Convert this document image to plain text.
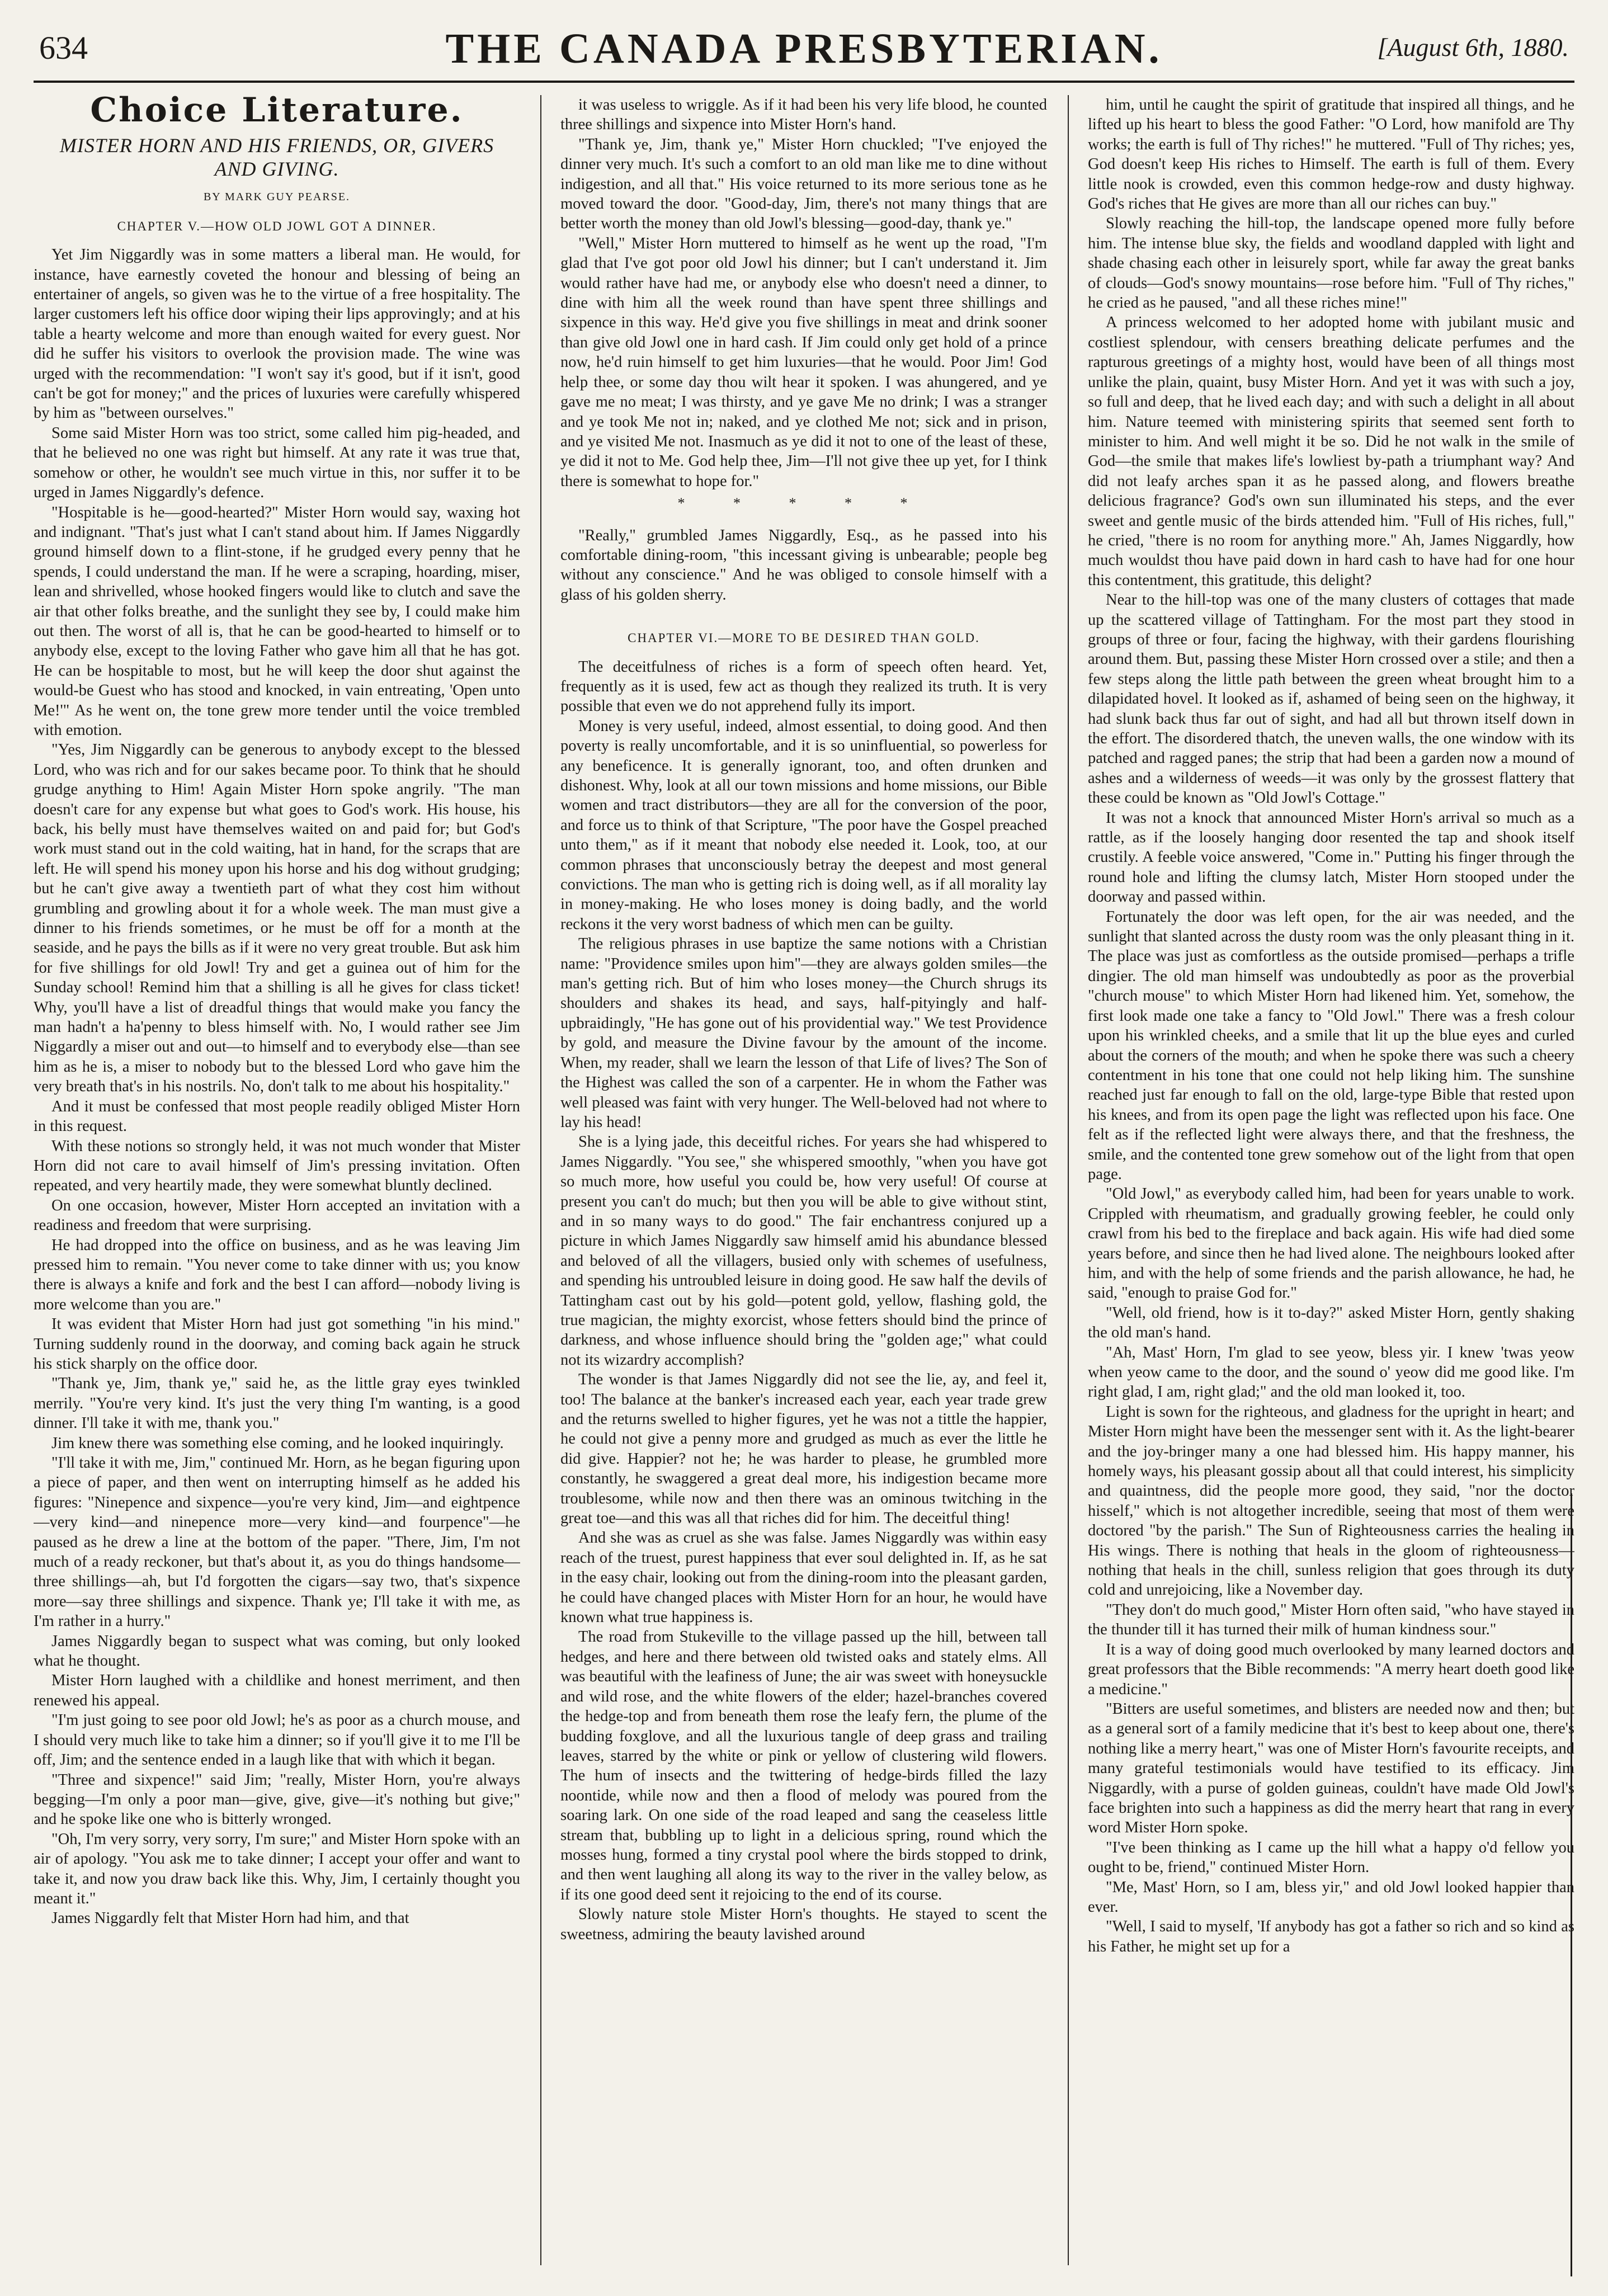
634	THE CANADA PRESBYTERIAN.	[August 6th, 1880.
Choice Literature.
MISTER HORN AND HIS FRIENDS, OR, GIVERS AND GIVING.
BY MARK GUY PEARSE.
CHAPTER V.—HOW OLD JOWL GOT A DINNER.

Yet Jim Niggardly was in some matters a liberal man. He would, for instance, have earnestly coveted the honour and blessing of being an entertainer of angels, so given was he to the virtue of a free hospitality. The larger customers left his office door wiping their lips approvingly; and at his table a hearty welcome and more than enough waited for every guest. Nor did he suffer his visitors to overlook the provision made. The wine was urged with the recommendation: "I won't say it's good, but if it isn't, good can't be got for money;" and the prices of luxuries were carefully whispered by him as "between ourselves."

Some said Mister Horn was too strict, some called him pig-headed, and that he believed no one was right but himself. At any rate it was true that, somehow or other, he wouldn't see much virtue in this, nor suffer it to be urged in James Niggardly's defence.

"Hospitable is he—good-hearted?" Mister Horn would say, waxing hot and indignant. "That's just what I can't stand about him. If James Niggardly ground himself down to a flint-stone, if he grudged every penny that he spends, I could understand the man. If he were a scraping, hoarding, miser, lean and shrivelled, whose hooked fingers would like to clutch and save the air that other folks breathe, and the sunlight they see by, I could make him out then. The worst of all is, that he can be good-hearted to himself or to anybody else, except to the loving Father who gave him all that he has got. He can be hospitable to most, but he will keep the door shut against the would-be Guest who has stood and knocked, in vain entreating, 'Open unto Me!'" As he went on, the tone grew more tender until the voice trembled with emotion.

"Yes, Jim Niggardly can be generous to anybody except to the blessed Lord, who was rich and for our sakes became poor. To think that he should grudge anything to Him! Again Mister Horn spoke angrily. "The man doesn't care for any expense but what goes to God's work. His house, his back, his belly must have themselves waited on and paid for; but God's work must stand out in the cold waiting, hat in hand, for the scraps that are left. He will spend his money upon his horse and his dog without grudging; but he can't give away a twentieth part of what they cost him without grumbling and growling about it for a whole week. The man must give a dinner to his friends sometimes, or he must be off for a month at the seaside, and he pays the bills as if it were no very great trouble. But ask him for five shillings for old Jowl! Try and get a guinea out of him for the Sunday school! Remind him that a shilling is all he gives for class ticket! Why, you'll have a list of dreadful things that would make you fancy the man hadn't a ha'penny to bless himself with. No, I would rather see Jim Niggardly a miser out and out—to himself and to everybody else—than see him as he is, a miser to nobody but to the blessed Lord who gave him the very breath that's in his nostrils. No, don't talk to me about his hospitality."

And it must be confessed that most people readily obliged Mister Horn in this request.

With these notions so strongly held, it was not much wonder that Mister Horn did not care to avail himself of Jim's pressing invitation. Often repeated, and very heartily made, they were somewhat bluntly declined.

On one occasion, however, Mister Horn accepted an invitation with a readiness and freedom that were surprising.

He had dropped into the office on business, and as he was leaving Jim pressed him to remain. "You never come to take dinner with us; you know there is always a knife and fork and the best I can afford—nobody living is more welcome than you are."

It was evident that Mister Horn had just got something "in his mind." Turning suddenly round in the doorway, and coming back again he struck his stick sharply on the office door.

"Thank ye, Jim, thank ye," said he, as the little gray eyes twinkled merrily. "You're very kind. It's just the very thing I'm wanting, is a good dinner. I'll take it with me, thank you."

Jim knew there was something else coming, and he looked inquiringly.

"I'll take it with me, Jim," continued Mr. Horn, as he began figuring upon a piece of paper, and then went on interrupting himself as he added his figures: "Ninepence and sixpence—you're very kind, Jim—and eightpence—very kind—and ninepence more—very kind—and fourpence"—he paused as he drew a line at the bottom of the paper. "There, Jim, I'm not much of a ready reckoner, but that's about it, as you do things handsome—three shillings—ah, but I'd forgotten the cigars—say two, that's sixpence more—say three shillings and sixpence. Thank ye; I'll take it with me, as I'm rather in a hurry."

James Niggardly began to suspect what was coming, but only looked what he thought.

Mister Horn laughed with a childlike and honest merriment, and then renewed his appeal.

"I'm just going to see poor old Jowl; he's as poor as a church mouse, and I should very much like to take him a dinner; so if you'll give it to me I'll be off, Jim; and the sentence ended in a laugh like that with which it began.

"Three and sixpence!" said Jim; "really, Mister Horn, you're always begging—I'm only a poor man—give, give, give—it's nothing but give;" and he spoke like one who is bitterly wronged.

"Oh, I'm very sorry, very sorry, I'm sure;" and Mister Horn spoke with an air of apology. "You ask me to take dinner; I accept your offer and want to take it, and now you draw back like this. Why, Jim, I certainly thought you meant it."

James Niggardly felt that Mister Horn had him, and that

it was useless to wriggle. As if it had been his very life blood, he counted three shillings and sixpence into Mister Horn's hand.

"Thank ye, Jim, thank ye," Mister Horn chuckled; "I've enjoyed the dinner very much. It's such a comfort to an old man like me to dine without indigestion, and all that." His voice returned to its more serious tone as he moved toward the door. "Good-day, Jim, there's not many things that are better worth the money than old Jowl's blessing—good-day, thank ye."

"Well," Mister Horn muttered to himself as he went up the road, "I'm glad that I've got poor old Jowl his dinner; but I can't understand it. Jim would rather have had me, or anybody else who doesn't need a dinner, to dine with him all the week round than have spent three shillings and sixpence in this way. He'd give you five shillings in meat and drink sooner than give old Jowl one in hard cash. If Jim could only get hold of a prince now, he'd ruin himself to get him luxuries—that he would. Poor Jim! God help thee, or some day thou wilt hear it spoken. I was ahungered, and ye gave me no meat; I was thirsty, and ye gave Me no drink; I was a stranger and ye took Me not in; naked, and ye clothed Me not; sick and in prison, and ye visited Me not. Inasmuch as ye did it not to one of the least of these, ye did it not to Me. God help thee, Jim—I'll not give thee up yet, for I think there is somewhat to hope for."

* * * * *

"Really," grumbled James Niggardly, Esq., as he passed into his comfortable dining-room, "this incessant giving is unbearable; people beg without any conscience." And he was obliged to console himself with a glass of his golden sherry.

CHAPTER VI.—MORE TO BE DESIRED THAN GOLD.

The deceitfulness of riches is a form of speech often heard. Yet, frequently as it is used, few act as though they realized its truth. It is very possible that even we do not apprehend fully its import.

Money is very useful, indeed, almost essential, to doing good. And then poverty is really uncomfortable, and it is so uninfluential, so powerless for any beneficence. It is generally ignorant, too, and often drunken and dishonest. Why, look at all our town missions and home missions, our Bible women and tract distributors—they are all for the conversion of the poor, and force us to think of that Scripture, "The poor have the Gospel preached unto them," as if it meant that nobody else needed it. Look, too, at our common phrases that unconsciously betray the deepest and most general convictions. The man who is getting rich is doing well, as if all morality lay in money-making. He who loses money is doing badly, and the world reckons it the very worst badness of which men can be guilty.

The religious phrases in use baptize the same notions with a Christian name: "Providence smiles upon him"—they are always golden smiles—the man's getting rich. But of him who loses money—the Church shrugs its shoulders and shakes its head, and says, half-pityingly and half-upbraidingly, "He has gone out of his providential way." We test Providence by gold, and measure the Divine favour by the amount of the income. When, my reader, shall we learn the lesson of that Life of lives? The Son of the Highest was called the son of a carpenter. He in whom the Father was well pleased was faint with very hunger. The Well-beloved had not where to lay his head!

She is a lying jade, this deceitful riches. For years she had whispered to James Niggardly. "You see," she whispered smoothly, "when you have got so much more, how useful you could be, how very useful! Of course at present you can't do much; but then you will be able to give without stint, and in so many ways to do good." The fair enchantress conjured up a picture in which James Niggardly saw himself amid his abundance blessed and beloved of all the villagers, busied only with schemes of usefulness, and spending his untroubled leisure in doing good. He saw half the devils of Tattingham cast out by his gold—potent gold, yellow, flashing gold, the true magician, the mighty exorcist, whose fetters should bind the prince of darkness, and whose influence should bring the "golden age;" what could not its wizardry accomplish?

The wonder is that James Niggardly did not see the lie, ay, and feel it, too! The balance at the banker's increased each year, each year trade grew and the returns swelled to higher figures, yet he was not a tittle the happier, he could not give a penny more and grudged as much as ever the little he did give. Happier? not he; he was harder to please, he grumbled more constantly, he swaggered a great deal more, his indigestion became more troublesome, while now and then there was an ominous twitching in the great toe—and this was all that riches did for him. The deceitful thing!

And she was as cruel as she was false. James Niggardly was within easy reach of the truest, purest happiness that ever soul delighted in. If, as he sat in the easy chair, looking out from the dining-room into the pleasant garden, he could have changed places with Mister Horn for an hour, he would have known what true happiness is.

The road from Stukeville to the village passed up the hill, between tall hedges, and here and there between old twisted oaks and stately elms. All was beautiful with the leafiness of June; the air was sweet with honeysuckle and wild rose, and the white flowers of the elder; hazel-branches covered the hedge-top and from beneath them rose the leafy fern, the plume of the budding foxglove, and all the luxurious tangle of deep grass and trailing leaves, starred by the white or pink or yellow of clustering wild flowers. The hum of insects and the twittering of hedge-birds filled the lazy noontide, while now and then a flood of melody was poured from the soaring lark. On one side of the road leaped and sang the ceaseless little stream that, bubbling up to light in a delicious spring, round which the mosses hung, formed a tiny crystal pool where the birds stopped to drink, and then went laughing all along its way to the river in the valley below, as if its one good deed sent it rejoicing to the end of its course.

Slowly nature stole Mister Horn's thoughts. He stayed to scent the sweetness, admiring the beauty lavished around

him, until he caught the spirit of gratitude that inspired all things, and he lifted up his heart to bless the good Father: "O Lord, how manifold are Thy works; the earth is full of Thy riches!" he muttered. "Full of Thy riches; yes, God doesn't keep His riches to Himself. The earth is full of them. Every little nook is crowded, even this common hedge-row and dusty highway. God's riches that He gives are more than all our riches can buy."

Slowly reaching the hill-top, the landscape opened more fully before him. The intense blue sky, the fields and woodland dappled with light and shade chasing each other in leisurely sport, while far away the great banks of clouds—God's snowy mountains—rose before him. "Full of Thy riches," he cried as he paused, "and all these riches mine!"

A princess welcomed to her adopted home with jubilant music and costliest splendour, with censers breathing delicate perfumes and the rapturous greetings of a mighty host, would have been of all things most unlike the plain, quaint, busy Mister Horn. And yet it was with such a joy, so full and deep, that he lived each day; and with such a delight in all about him. Nature teemed with ministering spirits that seemed sent forth to minister to him. And well might it be so. Did he not walk in the smile of God—the smile that makes life's lowliest by-path a triumphant way? And did not leafy arches span it as he passed along, and flowers breathe delicious fragrance? God's own sun illuminated his steps, and the ever sweet and gentle music of the birds attended him. "Full of His riches, full," he cried, "there is no room for anything more." Ah, James Niggardly, how much wouldst thou have paid down in hard cash to have had for one hour this contentment, this gratitude, this delight?

Near to the hill-top was one of the many clusters of cottages that made up the scattered village of Tattingham. For the most part they stood in groups of three or four, facing the highway, with their gardens flourishing around them. But, passing these Mister Horn crossed over a stile; and then a few steps along the little path between the green wheat brought him to a dilapidated hovel. It looked as if, ashamed of being seen on the highway, it had slunk back thus far out of sight, and had all but thrown itself down in the effort. The disordered thatch, the uneven walls, the one window with its patched and ragged panes; the strip that had been a garden now a mound of ashes and a wilderness of weeds—it was only by the grossest flattery that these could be known as "Old Jowl's Cottage."

It was not a knock that announced Mister Horn's arrival so much as a rattle, as if the loosely hanging door resented the tap and shook itself crustily. A feeble voice answered, "Come in." Putting his finger through the round hole and lifting the clumsy latch, Mister Horn stooped under the doorway and passed within.

Fortunately the door was left open, for the air was needed, and the sunlight that slanted across the dusty room was the only pleasant thing in it. The place was just as comfortless as the outside promised—perhaps a trifle dingier. The old man himself was undoubtedly as poor as the proverbial "church mouse" to which Mister Horn had likened him. Yet, somehow, the first look made one take a fancy to "Old Jowl." There was a fresh colour upon his wrinkled cheeks, and a smile that lit up the blue eyes and curled about the corners of the mouth; and when he spoke there was such a cheery contentment in his tone that one could not help liking him. The sunshine reached just far enough to fall on the old, large-type Bible that rested upon his knees, and from its open page the light was reflected upon his face. One felt as if the reflected light were always there, and that the freshness, the smile, and the contented tone grew somehow out of the light from that open page.

"Old Jowl," as everybody called him, had been for years unable to work. Crippled with rheumatism, and gradually growing feebler, he could only crawl from his bed to the fireplace and back again. His wife had died some years before, and since then he had lived alone. The neighbours looked after him, and with the help of some friends and the parish allowance, he had, he said, "enough to praise God for."

"Well, old friend, how is it to-day?" asked Mister Horn, gently shaking the old man's hand.

"Ah, Mast' Horn, I'm glad to see yeow, bless yir. I knew 'twas yeow when yeow came to the door, and the sound o' yeow did me good like. I'm right glad, I am, right glad;" and the old man looked it, too.

Light is sown for the righteous, and gladness for the upright in heart; and Mister Horn might have been the messenger sent with it. As the light-bearer and the joy-bringer many a one had blessed him. His happy manner, his homely ways, his pleasant gossip about all that could interest, his simplicity and quaintness, did the people more good, they said, "nor the doctor hisself," which is not altogether incredible, seeing that most of them were doctored "by the parish." The Sun of Righteousness carries the healing in His wings. There is nothing that heals in the gloom of righteousness—nothing that heals in the chill, sunless religion that goes through its duty cold and unrejoicing, like a November day.

"They don't do much good," Mister Horn often said, "who have stayed in the thunder till it has turned their milk of human kindness sour."

It is a way of doing good much overlooked by many learned doctors and great professors that the Bible recommends: "A merry heart doeth good like a medicine."

"Bitters are useful sometimes, and blisters are needed now and then; but as a general sort of a family medicine that it's best to keep about one, there's nothing like a merry heart," was one of Mister Horn's favourite receipts, and many grateful testimonials would have testified to its efficacy. Jim Niggardly, with a purse of golden guineas, couldn't have made Old Jowl's face brighten into such a happiness as did the merry heart that rang in every word Mister Horn spoke.

"I've been thinking as I came up the hill what a happy o'd fellow you ought to be, friend," continued Mister Horn.

"Me, Mast' Horn, so I am, bless yir," and old Jowl looked happier than ever.

"Well, I said to myself, 'If anybody has got a father so rich and so kind as his Father, he might set up for a
